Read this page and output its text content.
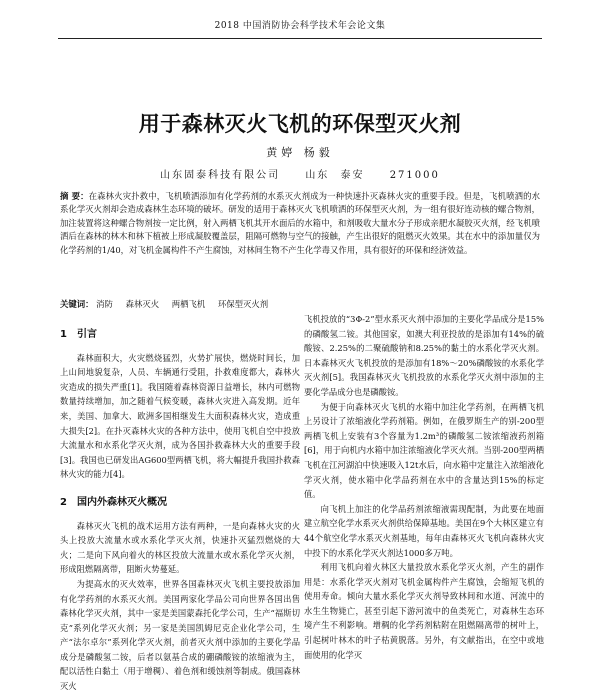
2018 中国消防协会科学技术年会论文集
用于森林灭火飞机的环保型灭火剂
黄婷 杨毅
山东固泰科技有限公司	山东 泰安	271000
摘 要：在森林火灾扑救中，飞机喷洒添加有化学药剂的水系灭火剂成为一种快速扑灭森林火灾的重要手段。但是，飞机喷洒的水系化学灭火剂却会造成森林生态环境的破坏。研发的适用于森林灭火飞机喷洒的环保型灭火剂，为一组有很好连动核的螺合物剂，加注装置将这种螺合物剂按一定比例，射入两栖飞机其开水面后的水箱中，和剂吸收大量水分子形成亲肥水凝胶灭火剂，经飞机喷洒后在森林的林木和林下植被上形成凝胶覆盖层，阻隔可燃物与空气的接触，产生出很好的阻燃灭火效果。其在水中的添加量仅为化学药剂的1/40，对飞机金属构件不产生腐蚀，对林间生物不产生化学毒又作用，具有很好的环保和经济效益。
关键词： 消防 森林灭火 两栖飞机 环保型灭火剂
1 引言

森林面积大，火灾燃烧猛烈，火势扩展快，燃烧时间长，加上山间地貌复杂，人员、车辆通行受阻，扑救难度都大，森林火灾造成的损失严重[1]。我国随着森林资源日益增长，林内可燃物数量持续增加，加之随着气候变暖，森林火灾进入高发期。近年来，美国、加拿大、欧洲多国相继发生大面积森林火灾，造成重大损失[2]。在扑灭森林火灾的各种方法中，使用飞机自空中投放大流量水和水系化学灭火剂，成为各国扑救森林大火的重要手段[3]。我国也已研发出AG600型两栖飞机，将大幅提升我国扑救森林火灾的能力[4]。

2 国内外森林灭火概况

森林灭火飞机的战术运用方法有两种，一是向森林火灾的火头上投放大流量水或水系化学灭火剂，快速扑灭猛烈燃烧的大火；二是向下风向着火的林区投放大流量水或水系化学灭火剂，形成阻燃隔离带，阻断火势蔓延。

为提高水的灭火效率，世界各国森林灭火飞机主要投放添加有化学药剂的水系灭火剂。美国两家化学品公司向世界各国出售森林化学灭火剂，其中一家是美国蒙森托化学公司，生产“福斯切克”系列化学灭火剂；另一家是美国凯姆尼克企业化学公司，生产“法尔卓尔”系列化学灭火剂，前者灭火剂中添加的主要化学品成分是磷酸氢二铵，后者以氨基合成的硼磷酸铵的浓缩液为主，配以活性白黏土（用于增稠）、着色剂和缓蚀剂等制成。俄国森林灭火

飞机投放的“3Φ-2”型水系灭火剂中添加的主要化学品成分是15%的磷酸氢二铵。其他国家，如澳大利亚投放的是添加有14%的硫酸铵、2.25%的二聚硫酸钠和8.25%的黏土的水系化学灭火剂。日本森林灭火飞机投放的是添加有18%～20%磷酸铵的水系化学灭火剂[5]。我国森林灭火飞机投放的水系化学灭火剂中添加的主要化学品成分也是磷酸铵。

为便于向森林灭火飞机的水箱中加注化学药剂，在两栖飞机上另设计了浓缩液化学药剂箱。例如，在俄罗斯生产的别-200型两栖飞机上安装有3个容量为1.2m³的磷酸氢二铵浓缩液药剂箱[6]，用于向机内水箱中加注浓缩液化学灭火剂。当别-200型两栖飞机在江河湖泊中快速吸入12t水后，向水箱中定量注入浓缩液化学灭火剂，使水箱中化学品药剂在水中的含量达到15%的标定值。

向飞机上加注的化学品药剂浓缩液需现配制，为此要在地面建立航空化学水系灭火剂供给保障基地。美国在9个大林区建立有44个航空化学水系灭火剂基地，每年由森林灭火飞机向森林火灾中投下的水系化学灭火剂达1000多万吨。

利用飞机向着火林区大量投放水系化学灭火剂，产生的副作用是：水系化学灭火剂对飞机金属构件产生腐蚀，会缩短飞机的使用寿命。倾向大量水系化学灭火剂导致林间和水道、河流中的水生生物毙亡，甚至引起下游河流中的鱼类死亡，对森林生态环境产生不利影响。增稠的化学药剂粘附在阻燃隔离带的树叶上，引起树叶林木的叶子枯黄脱落。另外，有文献指出，在空中或地面使用的化学灭
